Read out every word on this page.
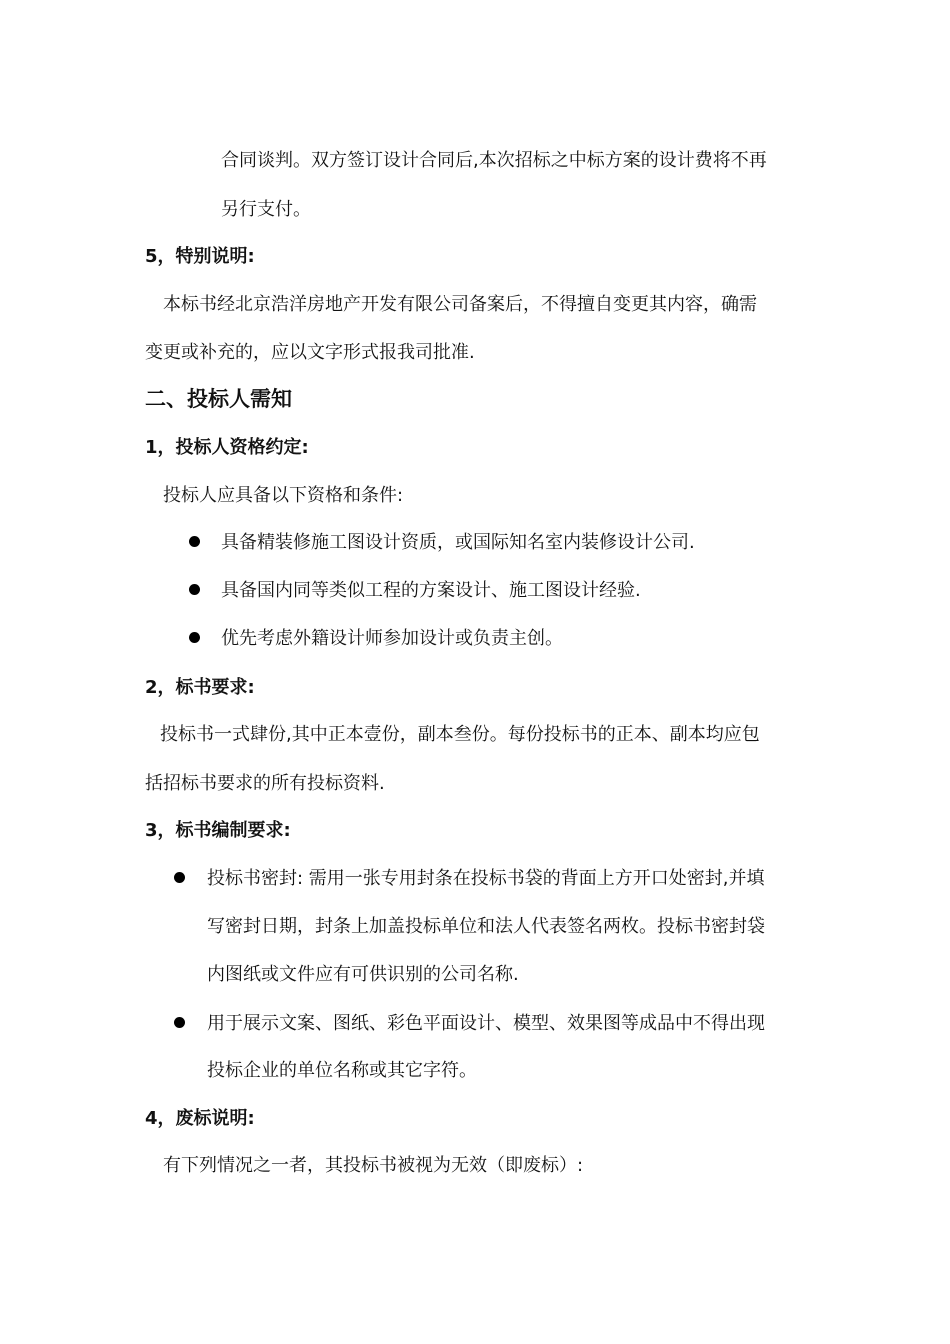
合同谈判。双方签订设计合同后,本次招标之中标方案的设计费将不再
另行支付。
5，特别说明:
本标书经北京浩洋房地产开发有限公司备案后，不得擅自变更其内容，确需
变更或补充的，应以文字形式报我司批准.
二、投标人需知
1，投标人资格约定:
投标人应具备以下资格和条件:
具备精装修施工图设计资质，或国际知名室内装修设计公司.
具备国内同等类似工程的方案设计、施工图设计经验.
优先考虑外籍设计师参加设计或负责主创。
2，标书要求:
投标书一式肆份,其中正本壹份，副本叁份。每份投标书的正本、副本均应包
括招标书要求的所有投标资料.
3，标书编制要求:
投标书密封: 需用一张专用封条在投标书袋的背面上方开口处密封,并填
写密封日期，封条上加盖投标单位和法人代表签名两枚。投标书密封袋
内图纸或文件应有可供识别的公司名称.
用于展示文案、图纸、彩色平面设计、模型、效果图等成品中不得出现
投标企业的单位名称或其它字符。
4，废标说明:
有下列情况之一者，其投标书被视为无效（即废标）:
